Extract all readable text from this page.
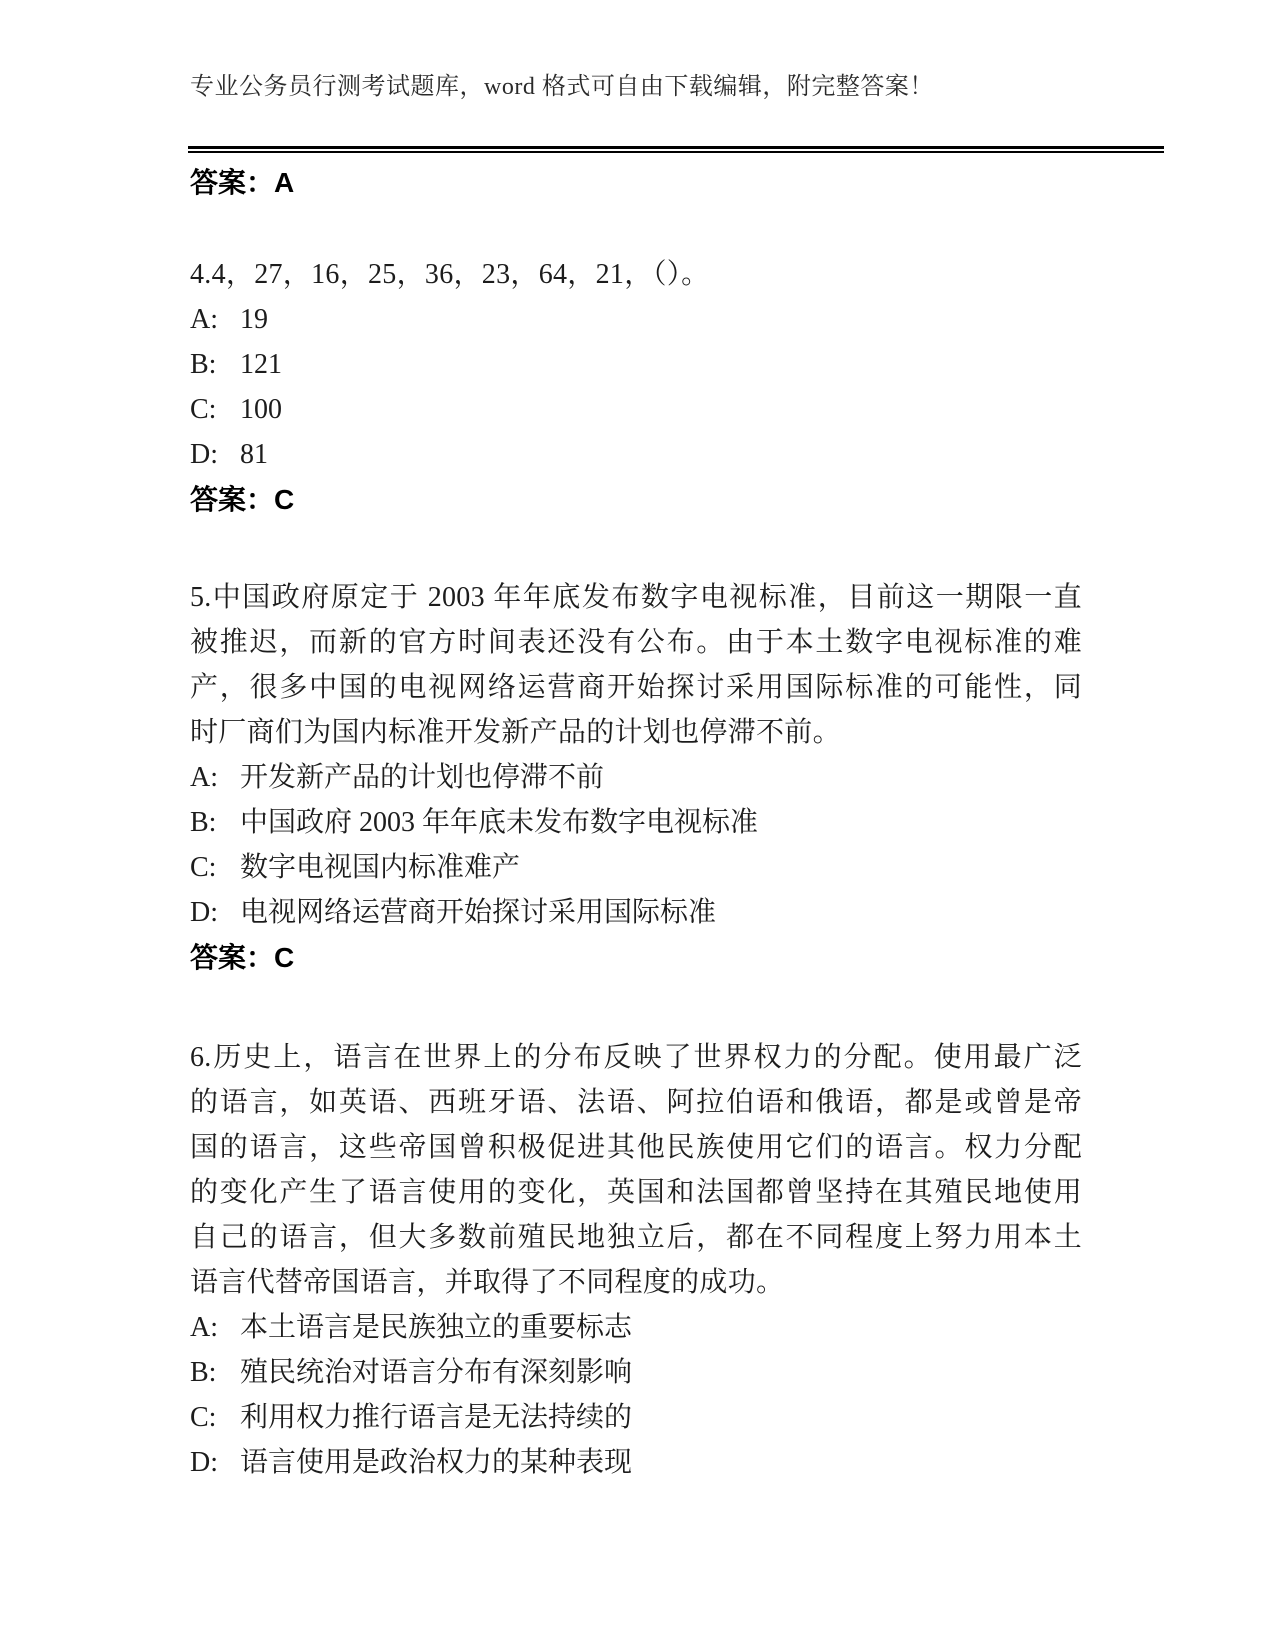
专业公务员行测考试题库，word 格式可自由下载编辑，附完整答案！
答案：A
4.4，27，16，25，36，23，64，21，（）。
A: 19
B: 121
C: 100
D: 81
答案：C
5.中国政府原定于 2003 年年底发布数字电视标准，目前这一期限一直
被推迟，而新的官方时间表还没有公布。由于本土数字电视标准的难
产，很多中国的电视网络运营商开始探讨采用国际标准的可能性，同
时厂商们为国内标准开发新产品的计划也停滞不前。
A: 开发新产品的计划也停滞不前
B: 中国政府 2003 年年底未发布数字电视标准
C: 数字电视国内标准难产
D: 电视网络运营商开始探讨采用国际标准
答案：C
6.历史上，语言在世界上的分布反映了世界权力的分配。使用最广泛
的语言，如英语、西班牙语、法语、阿拉伯语和俄语，都是或曾是帝
国的语言，这些帝国曾积极促进其他民族使用它们的语言。权力分配
的变化产生了语言使用的变化，英国和法国都曾坚持在其殖民地使用
自己的语言，但大多数前殖民地独立后，都在不同程度上努力用本土
语言代替帝国语言，并取得了不同程度的成功。
A: 本土语言是民族独立的重要标志
B: 殖民统治对语言分布有深刻影响
C: 利用权力推行语言是无法持续的
D: 语言使用是政治权力的某种表现
